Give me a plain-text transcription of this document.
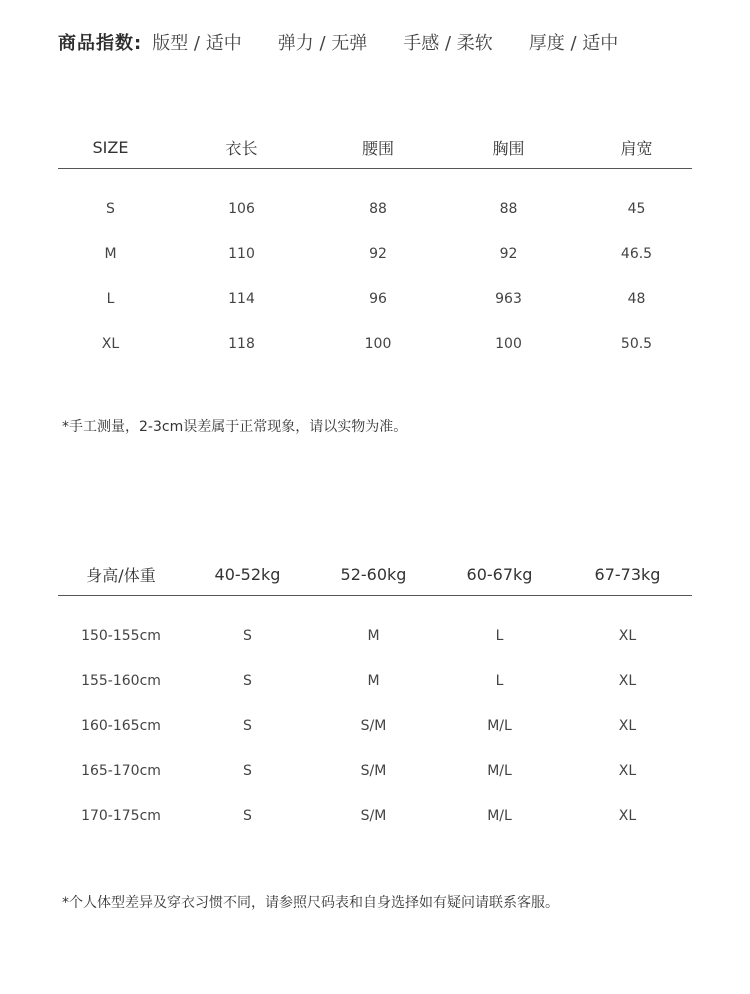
商品指数: 版型 / 适中 弹力 / 无弹 手感 / 柔软 厚度 / 适中
SIZE	衣长	腰围	胸围	肩宽
S	106	88	88	45
M	110	92	92	46.5
L	114	96	963	48
XL	118	100	100	50.5
*手工测量，2-3cm误差属于正常现象，请以实物为准。
身高/体重	40-52kg	52-60kg	60-67kg	67-73kg
150-155cm	S	M	L	XL
155-160cm	S	M	L	XL
160-165cm	S	S/M	M/L	XL
165-170cm	S	S/M	M/L	XL
170-175cm	S	S/M	M/L	XL
*个人体型差异及穿衣习惯不同，请参照尺码表和自身选择如有疑问请联系客服。
